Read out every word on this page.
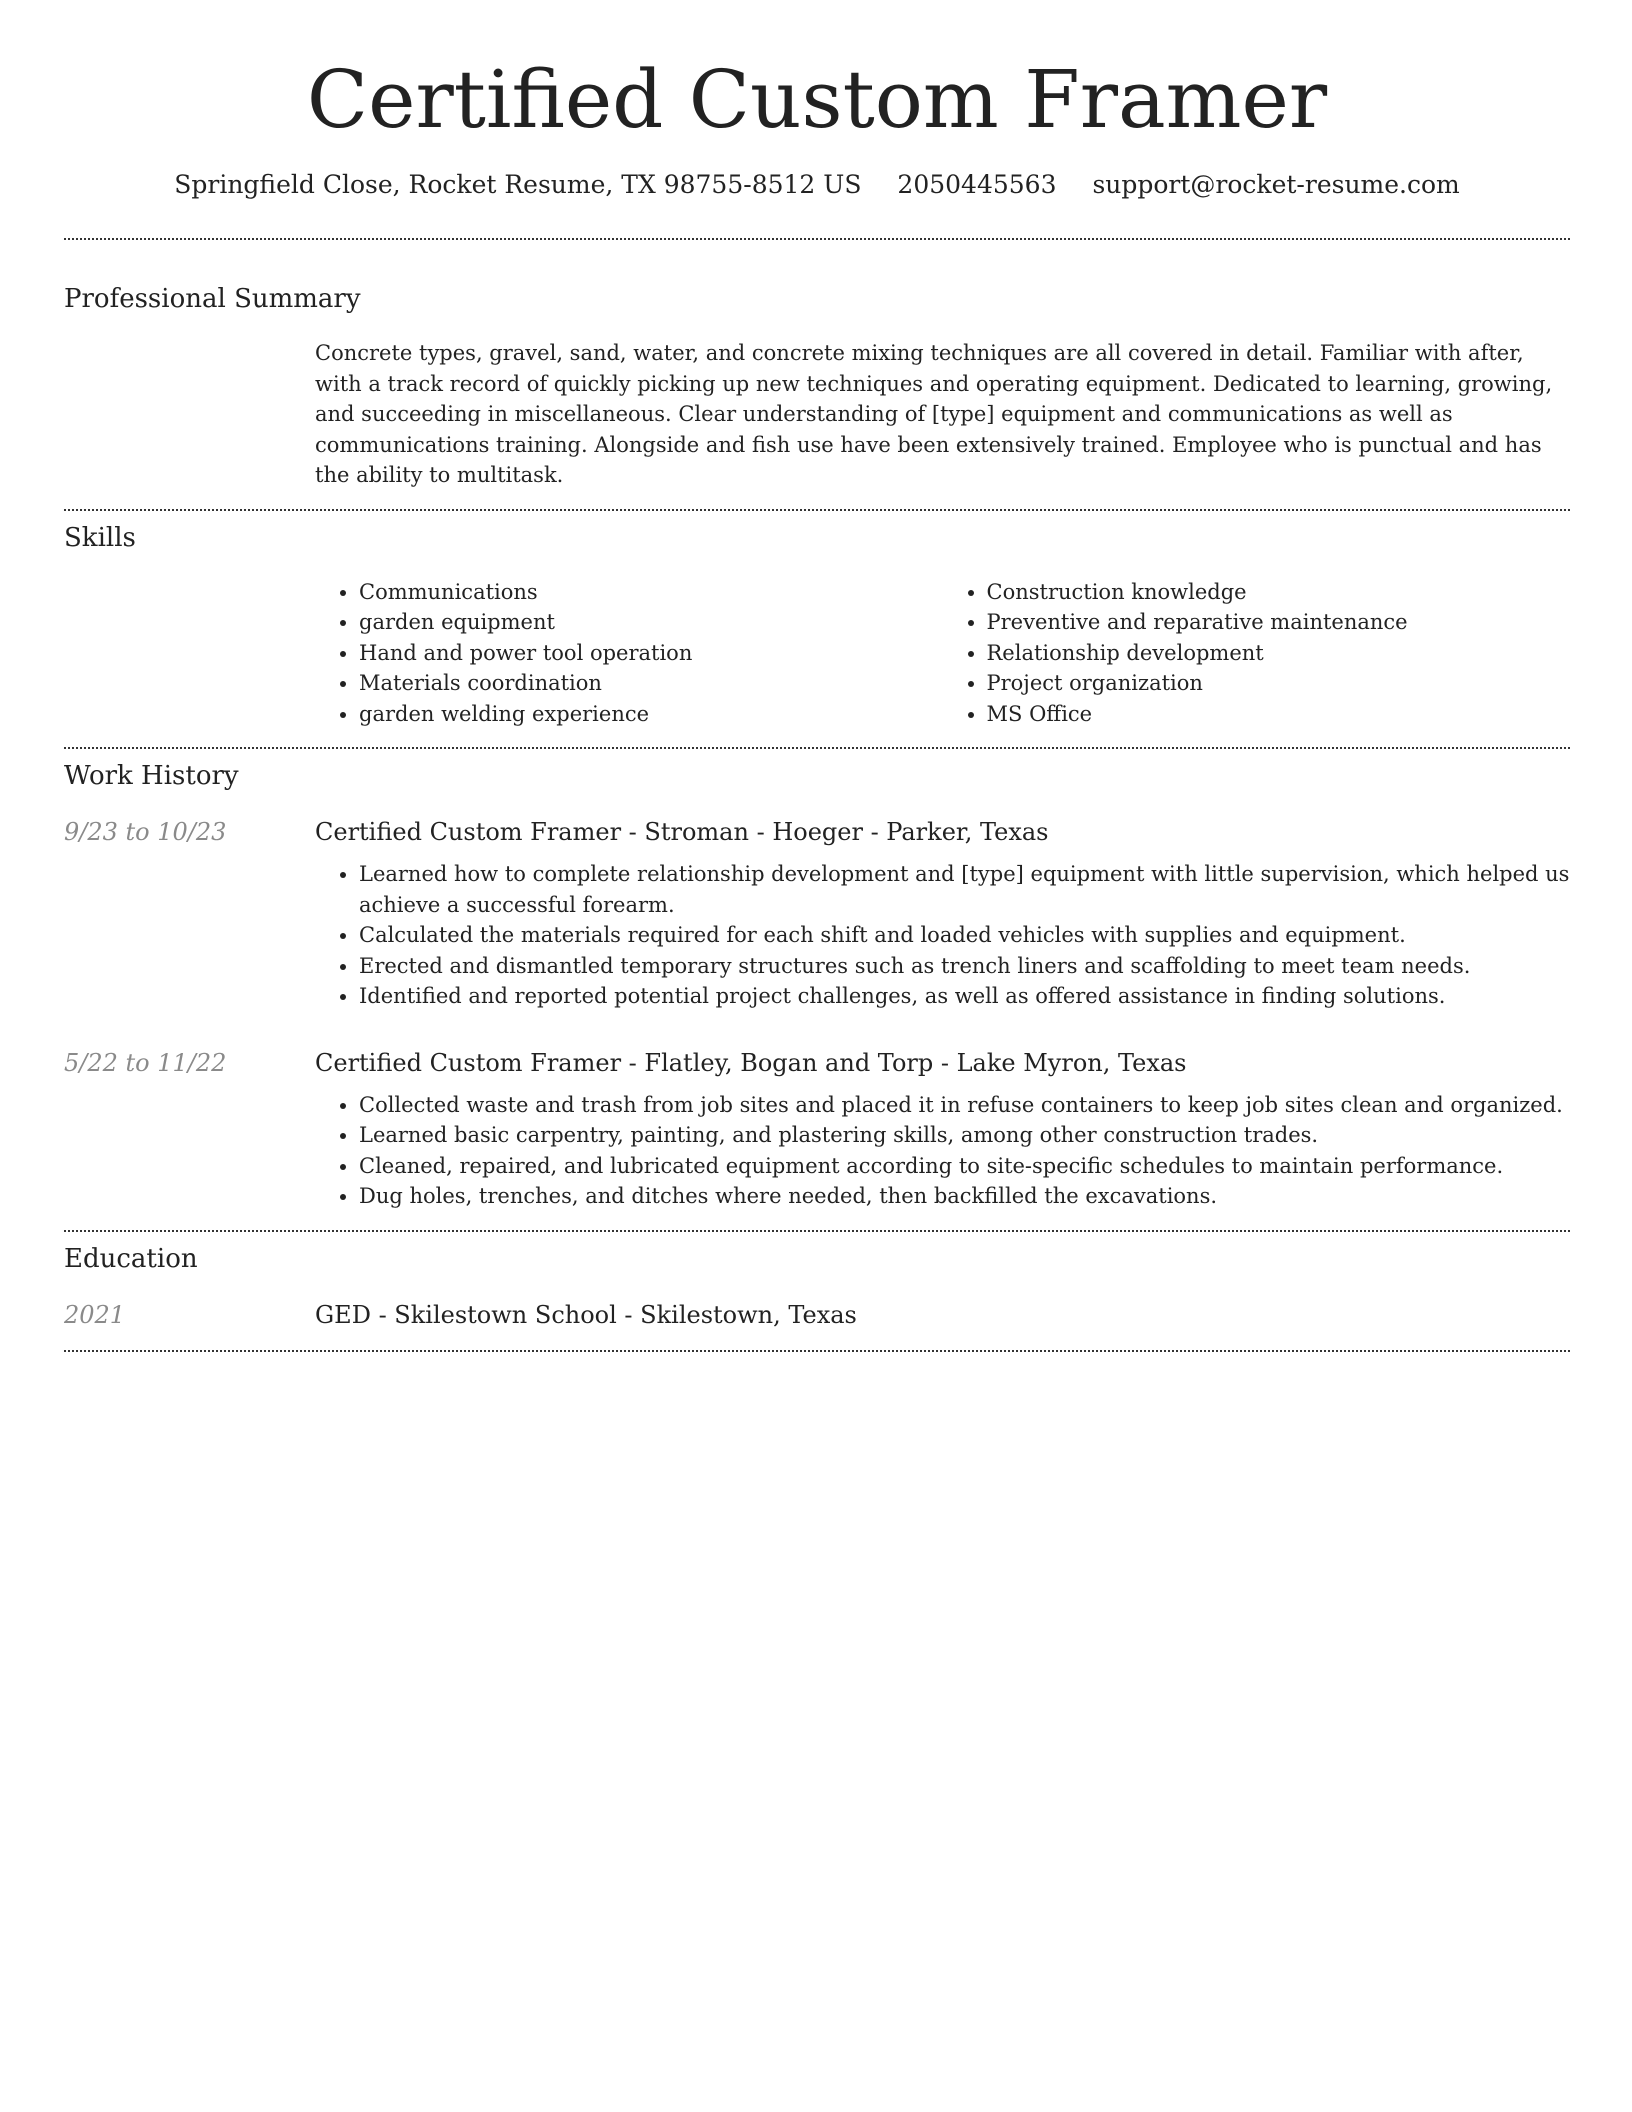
Certified Custom Framer
Springfield Close, Rocket Resume, TX 98755-8512 US 2050445563 support@rocket-resume.com
Professional Summary
Concrete types, gravel, sand, water, and concrete mixing techniques are all covered in detail. Familiar with after, with a track record of quickly picking up new techniques and operating equipment. Dedicated to learning, growing, and succeeding in miscellaneous. Clear understanding of [type] equipment and communications as well as communications training. Alongside and fish use have been extensively trained. Employee who is punctual and has the ability to multitask.
Skills
• Communications
• garden equipment
• Hand and power tool operation
• Materials coordination
• garden welding experience
• Construction knowledge
• Preventive and reparative maintenance
• Relationship development
• Project organization
• MS Office
Work History
9/23 to 10/23	Certified Custom Framer - Stroman - Hoeger - Parker, Texas
• Learned how to complete relationship development and [type] equipment with little supervision, which helped us achieve a successful forearm.
• Calculated the materials required for each shift and loaded vehicles with supplies and equipment.
• Erected and dismantled temporary structures such as trench liners and scaffolding to meet team needs.
• Identified and reported potential project challenges, as well as offered assistance in finding solutions.
5/22 to 11/22	Certified Custom Framer - Flatley, Bogan and Torp - Lake Myron, Texas
• Collected waste and trash from job sites and placed it in refuse containers to keep job sites clean and organized.
• Learned basic carpentry, painting, and plastering skills, among other construction trades.
• Cleaned, repaired, and lubricated equipment according to site-specific schedules to maintain performance.
• Dug holes, trenches, and ditches where needed, then backfilled the excavations.
Education
2021	GED - Skilestown School - Skilestown, Texas
